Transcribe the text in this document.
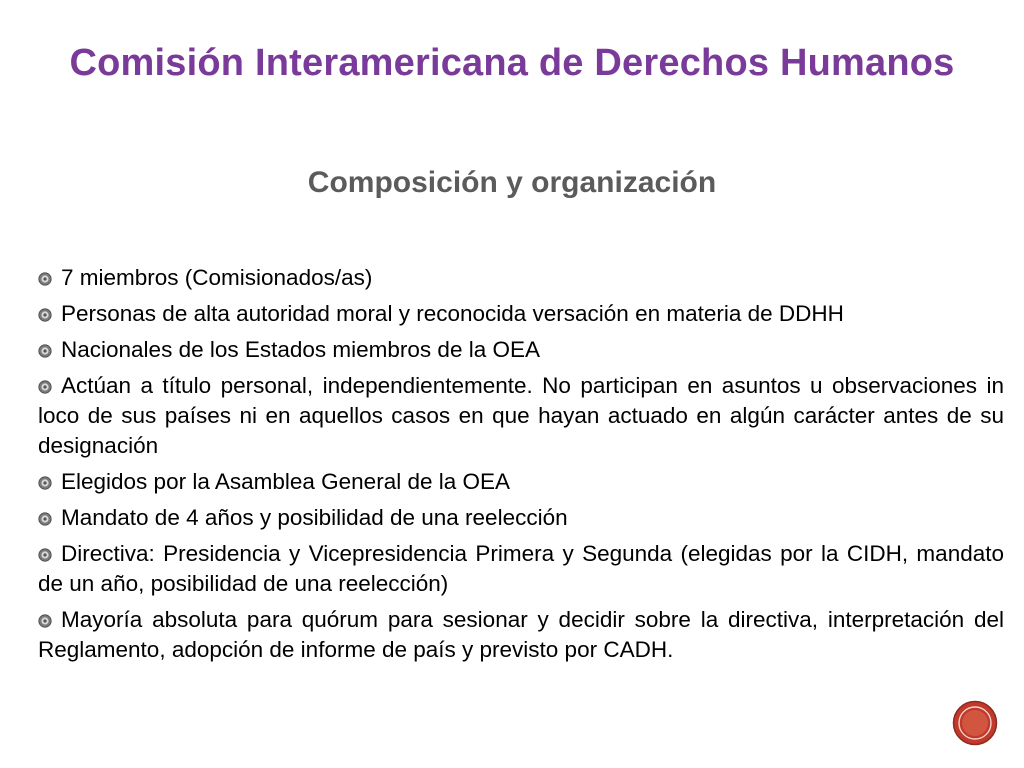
Comisión Interamericana de Derechos Humanos
Composición y organización
7 miembros (Comisionados/as)
Personas de alta autoridad moral y reconocida versación en materia de DDHH
Nacionales de los Estados miembros de la OEA
Actúan a título personal, independientemente. No participan en asuntos u observaciones in loco de sus países ni en aquellos casos en que hayan actuado en algún carácter antes de su designación
Elegidos por la Asamblea General de la OEA
Mandato de 4 años y posibilidad de una reelección
Directiva: Presidencia y Vicepresidencia Primera y Segunda (elegidas por la CIDH, mandato de un año, posibilidad de una reelección)
Mayoría absoluta para quórum para sesionar y decidir sobre la directiva, interpretación del Reglamento, adopción de informe de país y previsto por CADH.
